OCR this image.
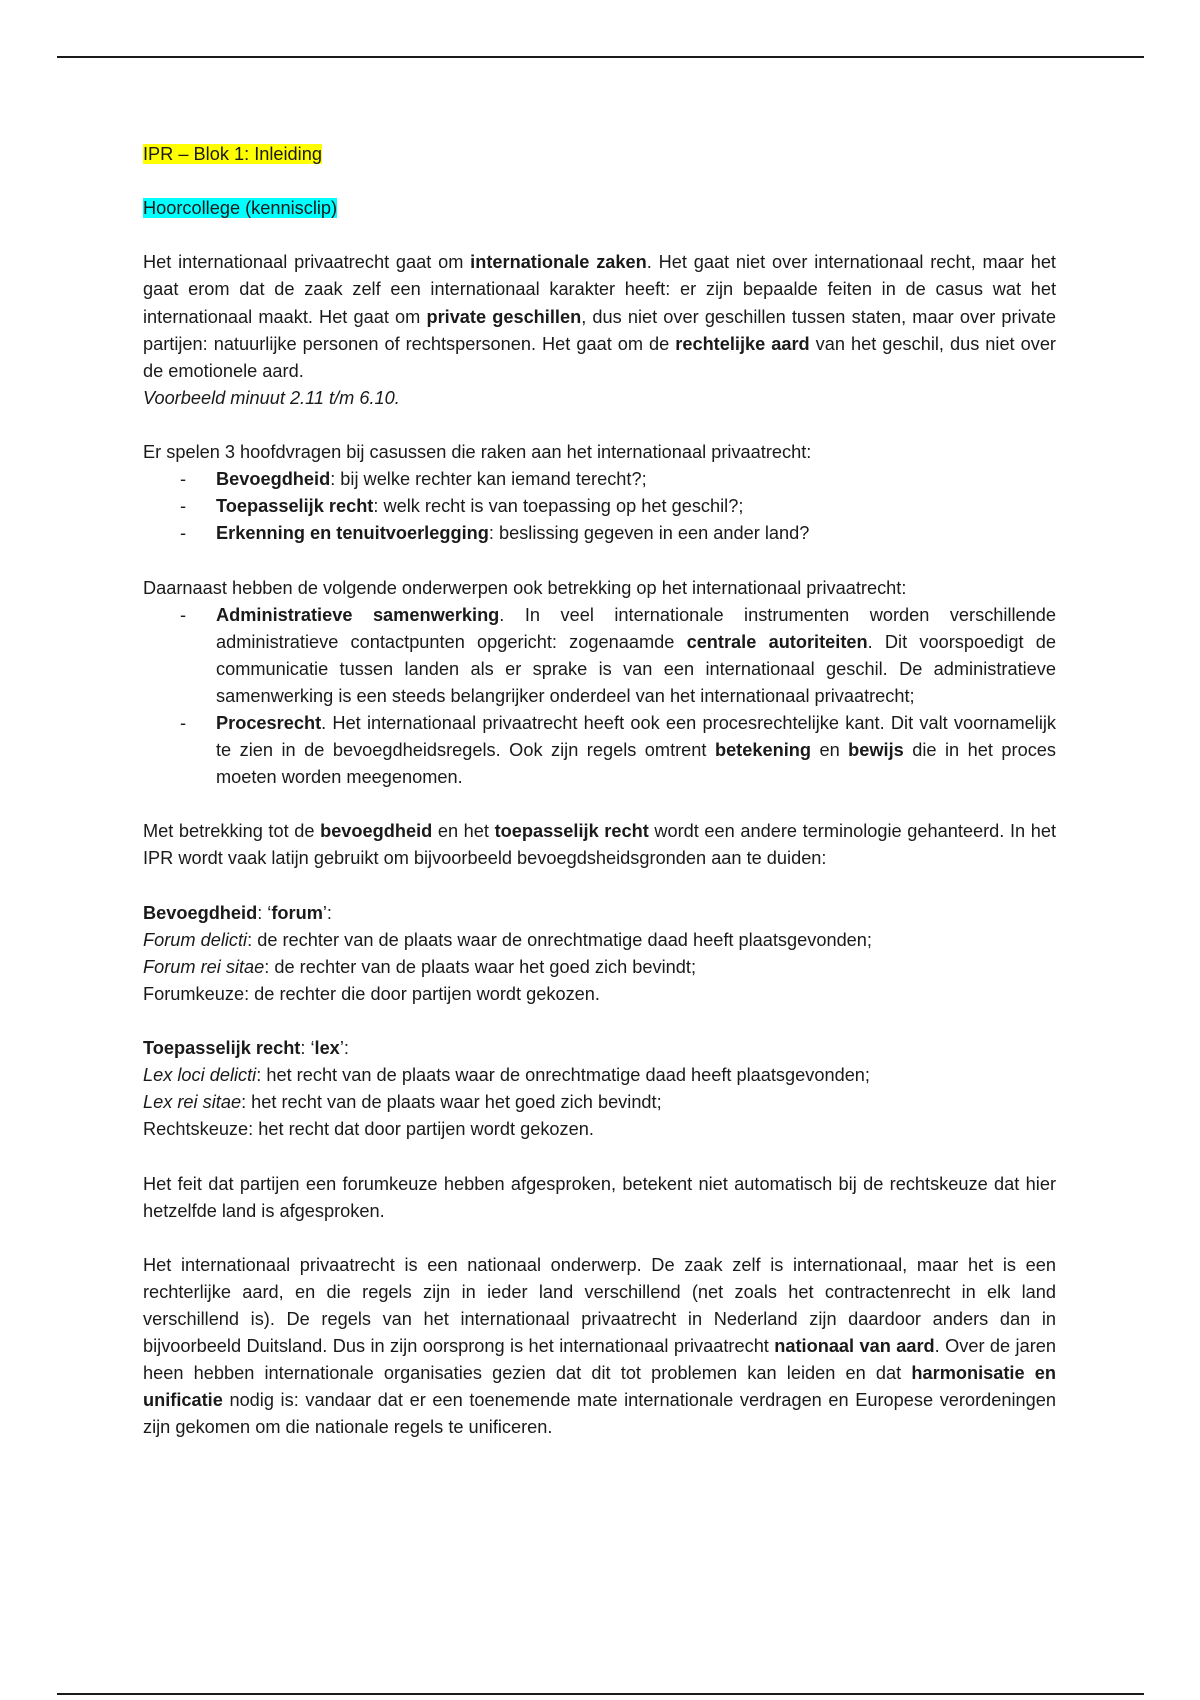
IPR – Blok 1: Inleiding

Hoorcollege (kennisclip)

Het internationaal privaatrecht gaat om internationale zaken. Het gaat niet over internationaal recht, maar het gaat erom dat de zaak zelf een internationaal karakter heeft: er zijn bepaalde feiten in de casus wat het internationaal maakt. Het gaat om private geschillen, dus niet over geschillen tussen staten, maar over private partijen: natuurlijke personen of rechtspersonen. Het gaat om de rechtelijke aard van het geschil, dus niet over de emotionele aard.

Voorbeeld minuut 2.11 t/m 6.10.

Er spelen 3 hoofdvragen bij casussen die raken aan het internationaal privaatrecht:

- Bevoegdheid: bij welke rechter kan iemand terecht?;
- Toepasselijk recht: welk recht is van toepassing op het geschil?;
- Erkenning en tenuitvoerlegging: beslissing gegeven in een ander land?

Daarnaast hebben de volgende onderwerpen ook betrekking op het internationaal privaatrecht:

- Administratieve samenwerking. In veel internationale instrumenten worden verschillende administratieve contactpunten opgericht: zogenaamde centrale autoriteiten. Dit voorspoedigt de communicatie tussen landen als er sprake is van een internationaal geschil. De administratieve samenwerking is een steeds belangrijker onderdeel van het internationaal privaatrecht;
- Procesrecht. Het internationaal privaatrecht heeft ook een procesrechtelijke kant. Dit valt voornamelijk te zien in de bevoegdheidsregels. Ook zijn regels omtrent betekening en bewijs die in het proces moeten worden meegenomen.

Met betrekking tot de bevoegdheid en het toepasselijk recht wordt een andere terminologie gehanteerd. In het IPR wordt vaak latijn gebruikt om bijvoorbeeld bevoegdsheidsgronden aan te duiden:

Bevoegdheid: ‘forum’:

Forum delicti: de rechter van de plaats waar de onrechtmatige daad heeft plaatsgevonden;

Forum rei sitae: de rechter van de plaats waar het goed zich bevindt;

Forumkeuze: de rechter die door partijen wordt gekozen.

Toepasselijk recht: ‘lex’:

Lex loci delicti: het recht van de plaats waar de onrechtmatige daad heeft plaatsgevonden;

Lex rei sitae: het recht van de plaats waar het goed zich bevindt;

Rechtskeuze: het recht dat door partijen wordt gekozen.

Het feit dat partijen een forumkeuze hebben afgesproken, betekent niet automatisch bij de rechtskeuze dat hier hetzelfde land is afgesproken.

Het internationaal privaatrecht is een nationaal onderwerp. De zaak zelf is internationaal, maar het is een rechterlijke aard, en die regels zijn in ieder land verschillend (net zoals het contractenrecht in elk land verschillend is). De regels van het internationaal privaatrecht in Nederland zijn daardoor anders dan in bijvoorbeeld Duitsland. Dus in zijn oorsprong is het internationaal privaatrecht nationaal van aard. Over de jaren heen hebben internationale organisaties gezien dat dit tot problemen kan leiden en dat harmonisatie en unificatie nodig is: vandaar dat er een toenemende mate internationale verdragen en Europese verordeningen zijn gekomen om die nationale regels te unificeren.
